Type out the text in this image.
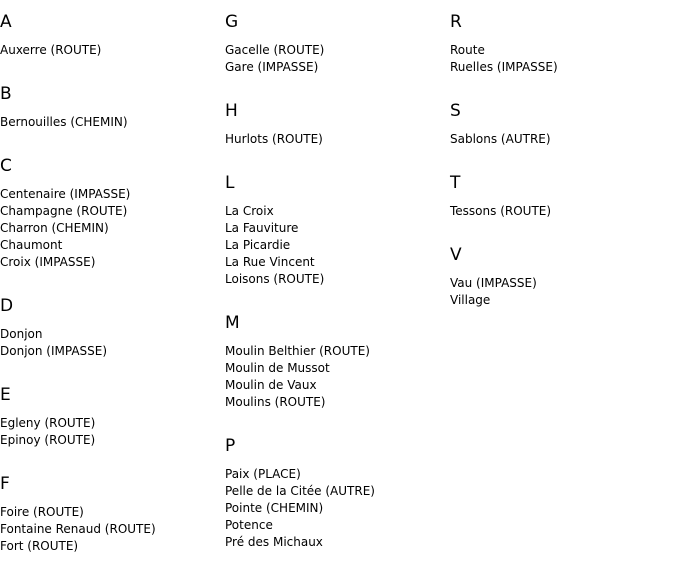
A
Auxerre (ROUTE)
B
Bernouilles (CHEMIN)
C
Centenaire (IMPASSE)
Champagne (ROUTE)
Charron (CHEMIN)
Chaumont
Croix (IMPASSE)
D
Donjon
Donjon (IMPASSE)
E
Egleny (ROUTE)
Epinoy (ROUTE)
F
Foire (ROUTE)
Fontaine Renaud (ROUTE)
Fort (ROUTE)
G
Gacelle (ROUTE)
Gare (IMPASSE)
H
Hurlots (ROUTE)
L
La Croix
La Fauviture
La Picardie
La Rue Vincent
Loisons (ROUTE)
M
Moulin Belthier (ROUTE)
Moulin de Mussot
Moulin de Vaux
Moulins (ROUTE)
P
Paix (PLACE)
Pelle de la Citée (AUTRE)
Pointe (CHEMIN)
Potence
Pré des Michaux
R
Route
Ruelles (IMPASSE)
S
Sablons (AUTRE)
T
Tessons (ROUTE)
V
Vau (IMPASSE)
Village
